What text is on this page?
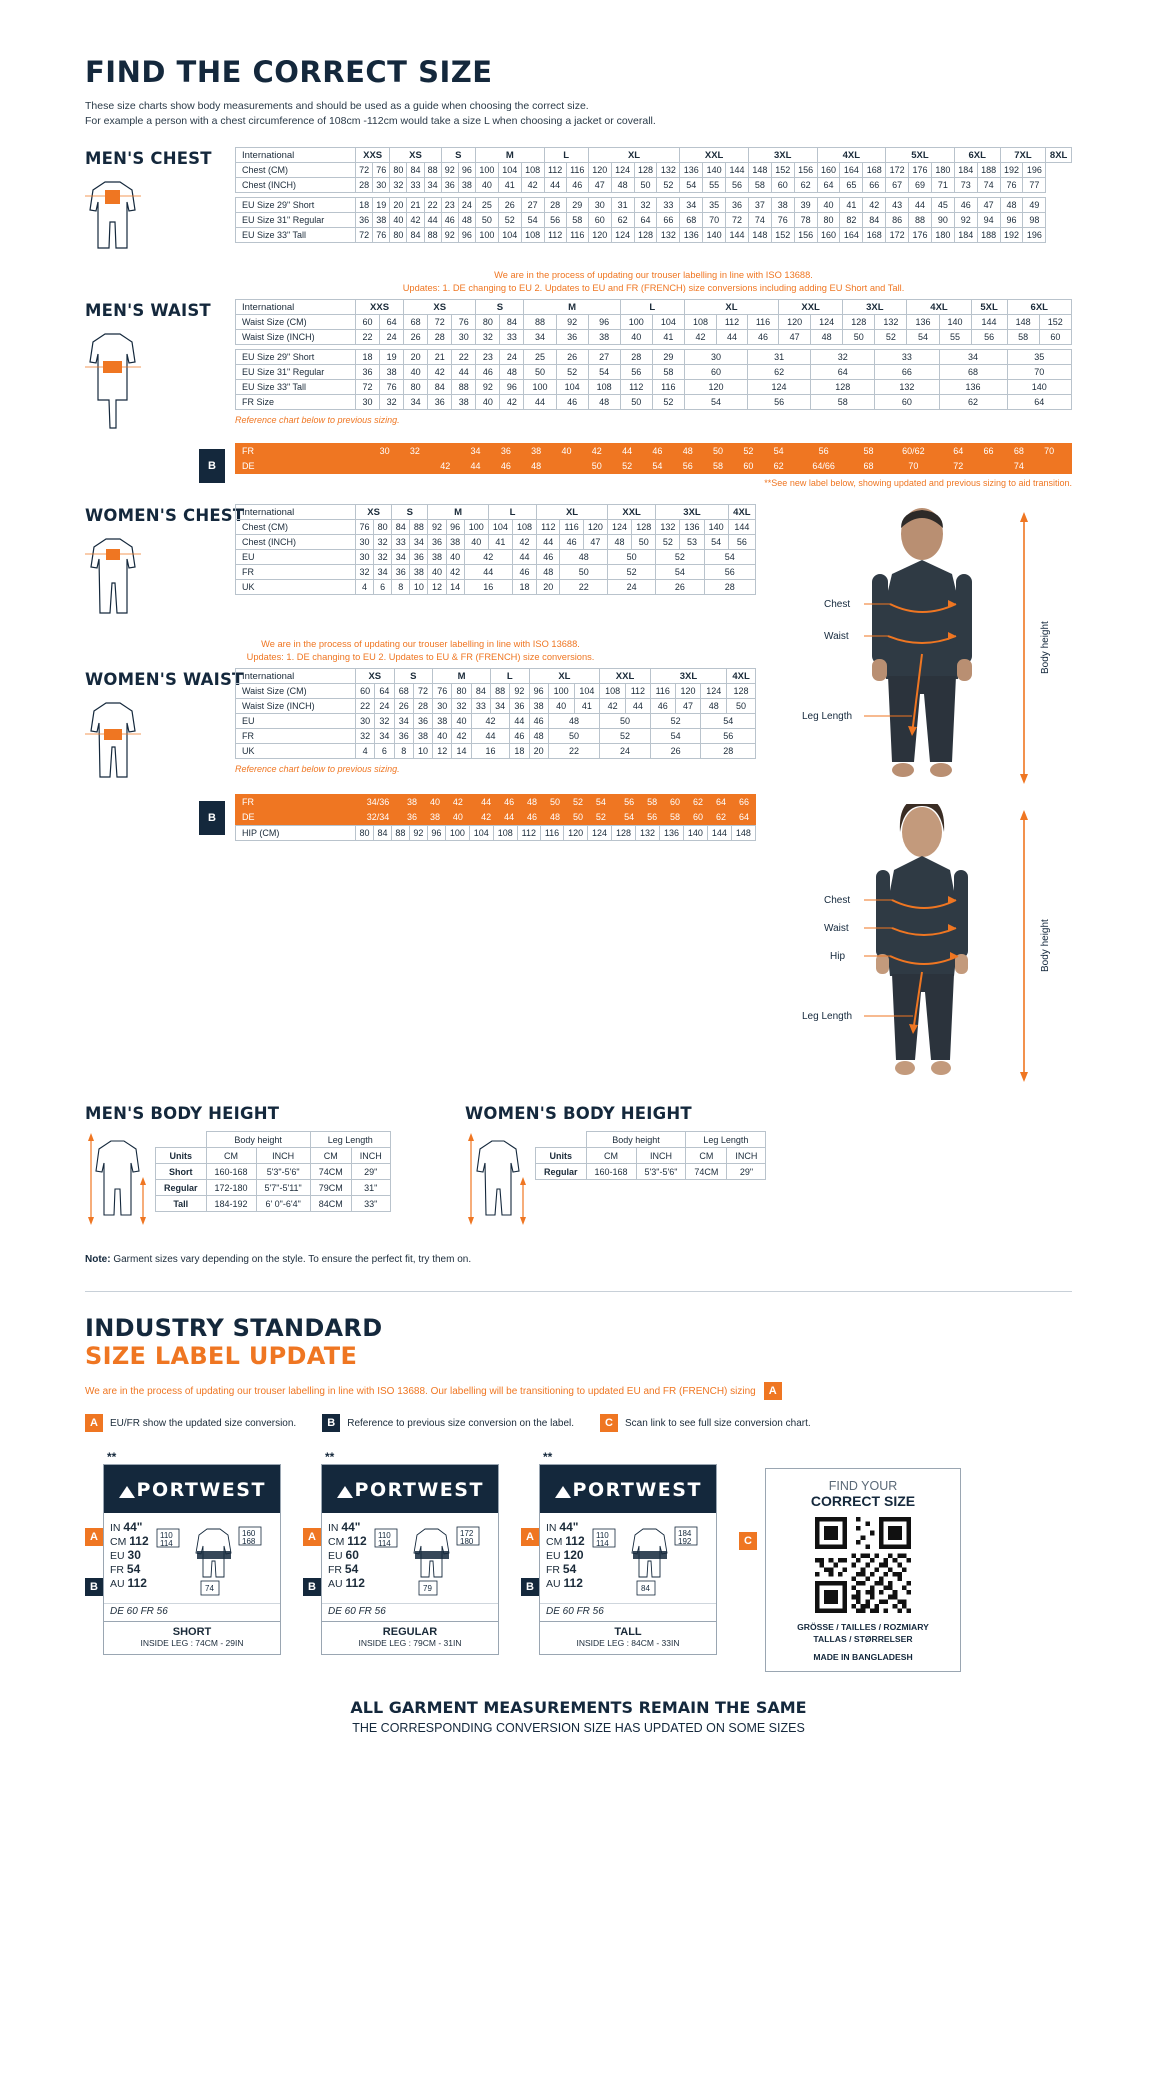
FIND THE CORRECT SIZE
These size charts show body measurements and should be used as a guide when choosing the correct size.
For example a person with a chest circumference of 108cm -112cm would take a size L when choosing a jacket or coverall.
MEN'S CHEST	International	XXS		XS			S		M			L		XL				XXL			3XL			4XL			5XL			6XL		7XL		8XL
Chest (CM)	72	76	80	84	88	92	96	100	104	108	112	116	120	124	128	132	136	140	144	148	152	156	160	164	168	172	176	180	184	188	192	196	
Chest (INCH)	28	30	32	33	34	36	38	40	41	42	44	46	47	48	50	52	54	55	56	58	60	62	64	65	66	67	69	71	73	74	76	77	

EU Size 29" Short	18	19	20	21	22	23	24	25	26	27	28	29	30	31	32	33	34	35	36	37	38	39	40	41	42	43	44	45	46	47	48	49	
EU Size 31" Regular	36	38	40	42	44	46	48	50	52	54	56	58	60	62	64	66	68	70	72	74	76	78	80	82	84	86	88	90	92	94	96	98	
EU Size 33" Tall	72	76	80	84	88	92	96	100	104	108	112	116	120	124	128	132	136	140	144	148	152	156	160	164	168	172	176	180	184	188	192	196	
We are in the process of updating our trouser labelling in line with ISO 13688.
Updates: 1. DE changing to EU 2. Updates to EU and FR (FRENCH) size conversions including adding EU Short and Tall.
MEN'S WAIST	International	XXS		XS			S		M			L		XL			XXL		3XL		4XL		5XL	6XL	
Waist Size (CM)	60	64	68	72	76	80	84	88	92	96	100	104	108	112	116	120	124	128	132	136	140	144	148	152
Waist Size (INCH)	22	24	26	28	30	32	33	34	36	38	40	41	42	44	46	47	48	50	52	54	55	56	58	60

EU Size 29" Short	18	19	20	21	22	23	24	25	26	27	28	29	30		31		32		33		34		35	
EU Size 31" Regular	36	38	40	42	44	46	48	50	52	54	56	58	60		62		64		66		68		70	
EU Size 33" Tall	72	76	80	84	88	92	96	100	104	108	112	116	120		124		128		132		136		140	
FR Size	30	32	34	36	38	40	42	44	46	48	50	52	54		56		58		60		62		64	
Reference chart below to previous sizing.
B
FR			30	32		34	36	38	40	42	44	46	48	50	52	54	56	58	60/62	64	66	68	70	
DE					42	44	46	48		50	52	54	56	58	60	62	64/66	68	70	72		74		
**See new label below, showing updated and previous sizing to aid transition.
WOMEN'S CHEST
International	XS		S		M			L		XL			XXL		3XL			4XL
Chest (CM)	76	80	84	88	92	96	100	104	108	112	116	120	124	128	132	136	140	144
Chest (INCH)	30	32	33	34	36	38	40	41	42	44	46	47	48	50	52	53	54	56
EU	30	32	34	36	38	40	42		44	46	48		50		52		54	
FR	32	34	36	38	40	42	44		46	48	50		52		54		56	
UK	4	6	8	10	12	14	16		18	20	22		24		26		28	
We are in the process of updating our trouser labelling in line with ISO 13688.
Updates: 1. DE changing to EU 2. Updates to EU & FR (FRENCH) size conversions.
WOMEN'S WAIST
International	XS		S		M			L		XL			XXL		3XL			4XL
Waist Size (CM)	60	64	68	72	76	80	84	88	92	96	100	104	108	112	116	120	124	128
Waist Size (INCH)	22	24	26	28	30	32	33	34	36	38	40	41	42	44	46	47	48	50
EU	30	32	34	36	38	40	42		44	46	48		50		52		54	
FR	32	34	36	38	40	42	44		46	48	50		52		54		56	
UK	4	6	8	10	12	14	16		18	20	22		24		26		28	
Reference chart below to previous sizing.
B
FR	34/36	38	40	42		44	46	48	50	52	54		56	58	60	62	64	66
DE	32/34	36	38	40		42	44	46	48	50	52		54	56	58	60	62	64
HIP (CM)	80	84	88	92	96	100	104	108	112	116	120	124	128	132	136	140	144	148
Chest
Waist
Leg Length
Body height
Chest
Waist
Hip
Leg Length
Body height
MEN'S BODY HEIGHT
	Body height		Leg Length	
Units	CM	INCH	CM	INCH
Short	160-168	5'3"-5'6"	74CM	29"
Regular	172-180	5'7"-5'11"	79CM	31"
Tall	184-192	6' 0"-6'4"	84CM	33"
WOMEN'S BODY HEIGHT
	Body height		Leg Length	
Units	CM	INCH	CM	INCH
Regular	160-168	5'3"-5'6"	74CM	29"
Note: Garment sizes vary depending on the style. To ensure the perfect fit, try them on.
INDUSTRY STANDARD
SIZE LABEL UPDATE
We are in the process of updating our trouser labelling in line with ISO 13688. Our labelling will be transitioning to updated EU and FR (FRENCH) sizing	A
A	EU/FR show the updated size conversion.	B	Reference to previous size conversion on the label.	C	Scan link to see full size conversion chart.
**
A
B
PORTWEST
IN 44"
CM 112
EU 30
FR 54
AU 112
110
114
160
168
74
DE 60 FR 56
SHORT
INSIDE LEG : 74CM - 29IN
**
A
B
PORTWEST
IN 44"
CM 112
EU 60
FR 54
AU 112
110
114
172
180
79
DE 60 FR 56
REGULAR
INSIDE LEG : 79CM - 31IN
**
A
B
PORTWEST
IN 44"
CM 112
EU 120
FR 54
AU 112
110
114
184
192
84
DE 60 FR 56
TALL
INSIDE LEG : 84CM - 33IN
C
FIND YOUR
CORRECT SIZE
GRÖSSE / TAILLES / ROZMIARY
TALLAS / STØRRELSER
MADE IN BANGLADESH
ALL GARMENT MEASUREMENTS REMAIN THE SAME
THE CORRESPONDING CONVERSION SIZE HAS UPDATED ON SOME SIZES
